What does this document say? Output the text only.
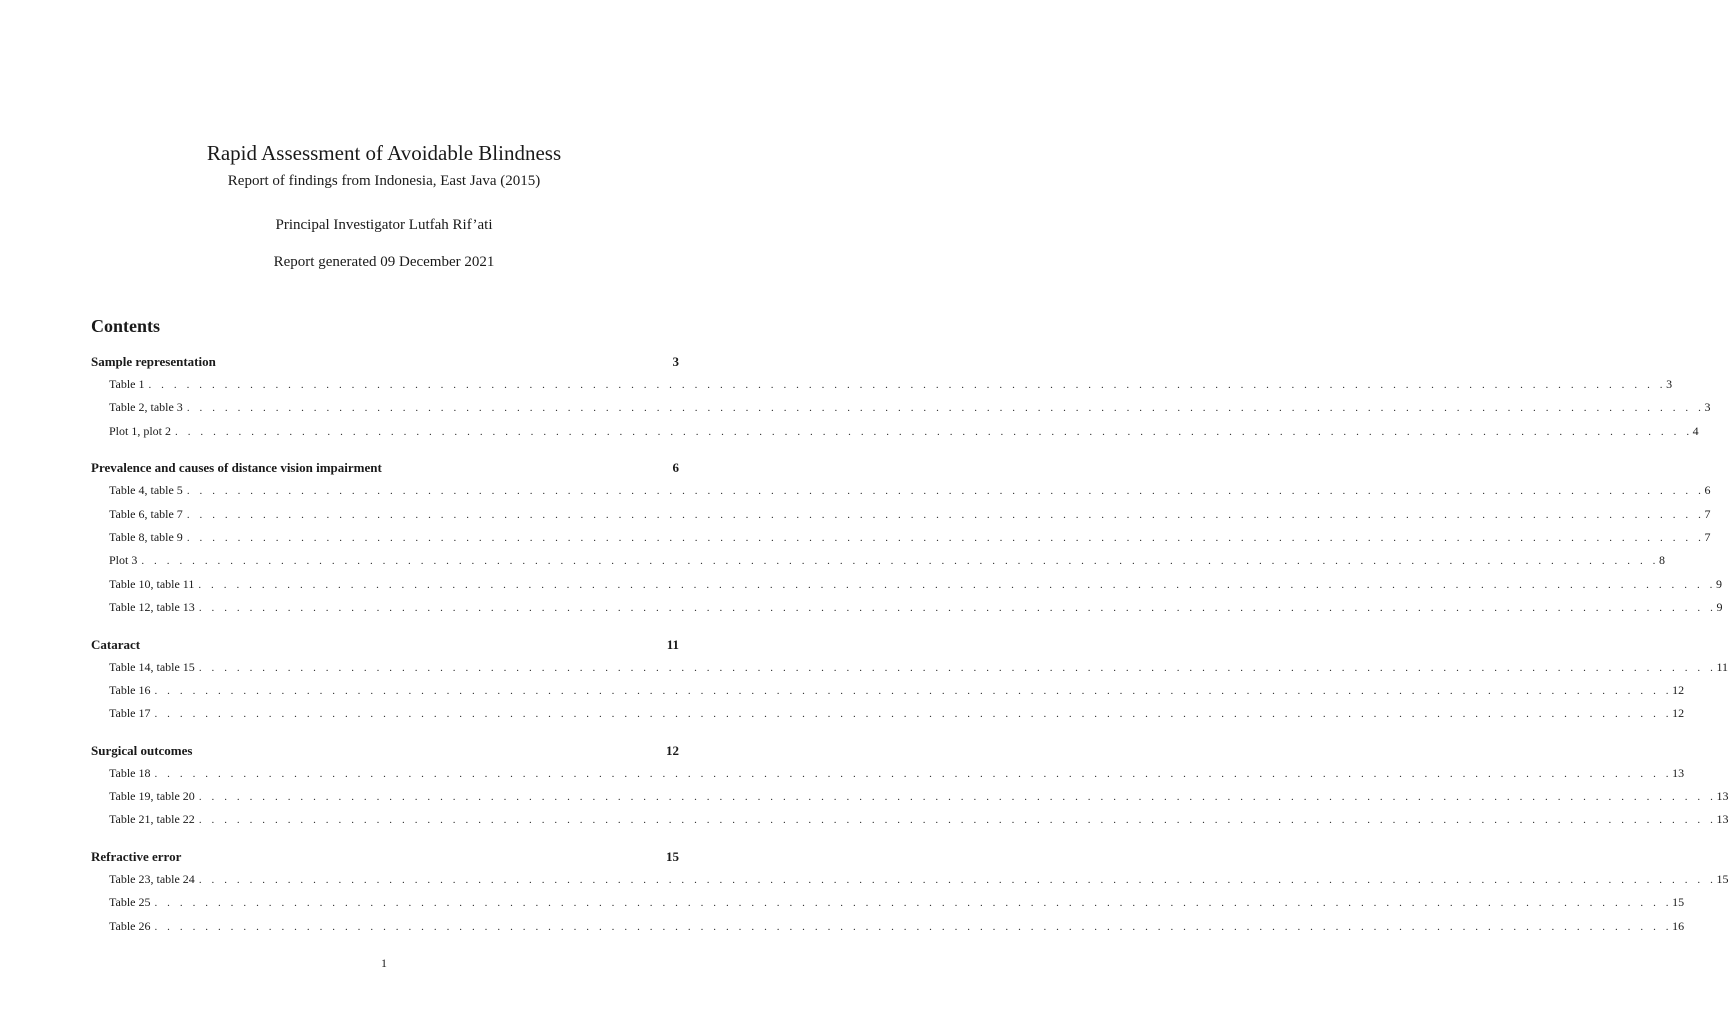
Rapid Assessment of Avoidable Blindness
Report of findings from Indonesia, East Java (2015)
Principal Investigator Lutfah Rif’ati
Report generated 09 December 2021
Contents
Sample representation	3
Table 1 . . . . . . . . . . . . . . . . . . . . . . . . . . . . . . . . . . . . . . . . . . . . . . . . . . . . . . . . . . . . . . . . . . . . . . . . . . . . . . . . . . . . . . . . . . . . . . . . . . . . . . . . . . . . . . . . . . . . . . . . 3
Table 2, table 3 . . . . . . . . . . . . . . . . . . . . . . . . . . . . . . . . . . . . . . . . . . . . . . . . . . . . . . . . . . . . . . . . . . . . . . . . . . . . . . . . . . . . . . . . . . . . . . . . . . . . . . . . . . . . . . . . . . . . . . . . 3
Plot 1, plot 2 . . . . . . . . . . . . . . . . . . . . . . . . . . . . . . . . . . . . . . . . . . . . . . . . . . . . . . . . . . . . . . . . . . . . . . . . . . . . . . . . . . . . . . . . . . . . . . . . . . . . . . . . . . . . . . . . . . . . . . . . 4
Prevalence and causes of distance vision impairment	6
Table 4, table 5 . . . . . . . . . . . . . . . . . . . . . . . . . . . . . . . . . . . . . . . . . . . . . . . . . . . . . . . . . . . . . . . . . . . . . . . . . . . . . . . . . . . . . . . . . . . . . . . . . . . . . . . . . . . . . . . . . . . . . . . . 6
Table 6, table 7 . . . . . . . . . . . . . . . . . . . . . . . . . . . . . . . . . . . . . . . . . . . . . . . . . . . . . . . . . . . . . . . . . . . . . . . . . . . . . . . . . . . . . . . . . . . . . . . . . . . . . . . . . . . . . . . . . . . . . . . . 7
Table 8, table 9 . . . . . . . . . . . . . . . . . . . . . . . . . . . . . . . . . . . . . . . . . . . . . . . . . . . . . . . . . . . . . . . . . . . . . . . . . . . . . . . . . . . . . . . . . . . . . . . . . . . . . . . . . . . . . . . . . . . . . . . . 7
Plot 3 . . . . . . . . . . . . . . . . . . . . . . . . . . . . . . . . . . . . . . . . . . . . . . . . . . . . . . . . . . . . . . . . . . . . . . . . . . . . . . . . . . . . . . . . . . . . . . . . . . . . . . . . . . . . . . . . . . . . . . . . 8
Table 10, table 11 . . . . . . . . . . . . . . . . . . . . . . . . . . . . . . . . . . . . . . . . . . . . . . . . . . . . . . . . . . . . . . . . . . . . . . . . . . . . . . . . . . . . . . . . . . . . . . . . . . . . . . . . . . . . . . . . . . . . . . . . 9
Table 12, table 13 . . . . . . . . . . . . . . . . . . . . . . . . . . . . . . . . . . . . . . . . . . . . . . . . . . . . . . . . . . . . . . . . . . . . . . . . . . . . . . . . . . . . . . . . . . . . . . . . . . . . . . . . . . . . . . . . . . . . . . . . 9
Cataract	11
Table 14, table 15 . . . . . . . . . . . . . . . . . . . . . . . . . . . . . . . . . . . . . . . . . . . . . . . . . . . . . . . . . . . . . . . . . . . . . . . . . . . . . . . . . . . . . . . . . . . . . . . . . . . . . . . . . . . . . . . . . . . . . . . . 11
Table 16 . . . . . . . . . . . . . . . . . . . . . . . . . . . . . . . . . . . . . . . . . . . . . . . . . . . . . . . . . . . . . . . . . . . . . . . . . . . . . . . . . . . . . . . . . . . . . . . . . . . . . . . . . . . . . . . . . . . . . . . . 12
Table 17 . . . . . . . . . . . . . . . . . . . . . . . . . . . . . . . . . . . . . . . . . . . . . . . . . . . . . . . . . . . . . . . . . . . . . . . . . . . . . . . . . . . . . . . . . . . . . . . . . . . . . . . . . . . . . . . . . . . . . . . . 12
Surgical outcomes	12
Table 18 . . . . . . . . . . . . . . . . . . . . . . . . . . . . . . . . . . . . . . . . . . . . . . . . . . . . . . . . . . . . . . . . . . . . . . . . . . . . . . . . . . . . . . . . . . . . . . . . . . . . . . . . . . . . . . . . . . . . . . . . 13
Table 19, table 20 . . . . . . . . . . . . . . . . . . . . . . . . . . . . . . . . . . . . . . . . . . . . . . . . . . . . . . . . . . . . . . . . . . . . . . . . . . . . . . . . . . . . . . . . . . . . . . . . . . . . . . . . . . . . . . . . . . . . . . . . 13
Table 21, table 22 . . . . . . . . . . . . . . . . . . . . . . . . . . . . . . . . . . . . . . . . . . . . . . . . . . . . . . . . . . . . . . . . . . . . . . . . . . . . . . . . . . . . . . . . . . . . . . . . . . . . . . . . . . . . . . . . . . . . . . . . 13
Refractive error	15
Table 23, table 24 . . . . . . . . . . . . . . . . . . . . . . . . . . . . . . . . . . . . . . . . . . . . . . . . . . . . . . . . . . . . . . . . . . . . . . . . . . . . . . . . . . . . . . . . . . . . . . . . . . . . . . . . . . . . . . . . . . . . . . . . 15
Table 25 . . . . . . . . . . . . . . . . . . . . . . . . . . . . . . . . . . . . . . . . . . . . . . . . . . . . . . . . . . . . . . . . . . . . . . . . . . . . . . . . . . . . . . . . . . . . . . . . . . . . . . . . . . . . . . . . . . . . . . . . 15
Table 26 . . . . . . . . . . . . . . . . . . . . . . . . . . . . . . . . . . . . . . . . . . . . . . . . . . . . . . . . . . . . . . . . . . . . . . . . . . . . . . . . . . . . . . . . . . . . . . . . . . . . . . . . . . . . . . . . . . . . . . . . 16
1
